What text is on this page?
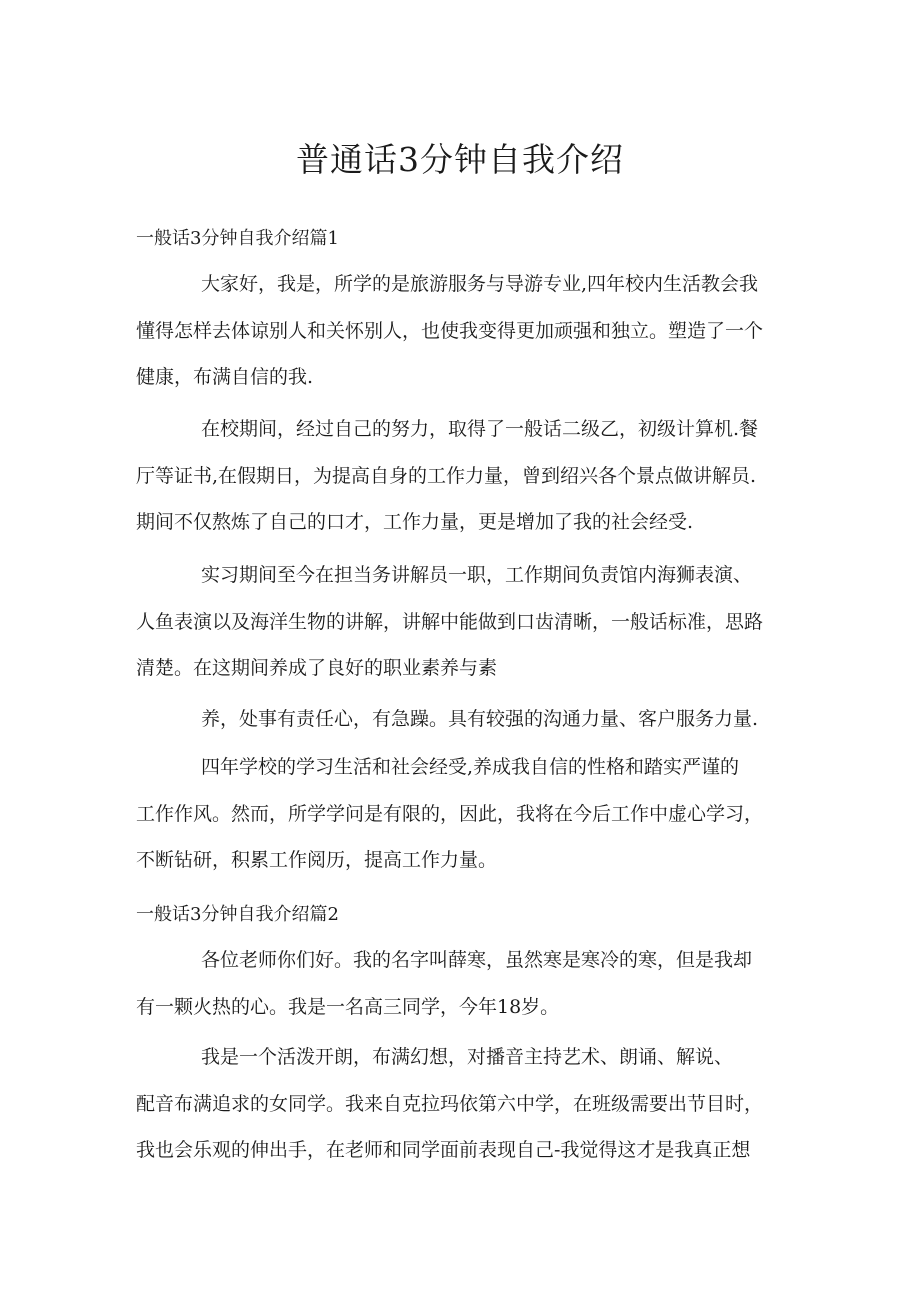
普通话3分钟自我介绍
一般话3分钟自我介绍篇1
大家好，我是，所学的是旅游服务与导游专业,四年校内生活教会我
懂得怎样去体谅别人和关怀别人，也使我变得更加顽强和独立。塑造了一个
健康，布满自信的我.
在校期间，经过自己的努力，取得了一般话二级乙，初级计算机.餐
厅等证书,在假期日，为提高自身的工作力量，曾到绍兴各个景点做讲解员.
期间不仅熬炼了自己的口才，工作力量，更是增加了我的社会经受.
实习期间至今在担当务讲解员一职，工作期间负责馆内海狮表演、
人鱼表演以及海洋生物的讲解，讲解中能做到口齿清晰，一般话标准，思路
清楚。在这期间养成了良好的职业素养与素
养，处事有责任心，有急躁。具有较强的沟通力量、客户服务力量.
四年学校的学习生活和社会经受,养成我自信的性格和踏实严谨的
工作作风。然而，所学学问是有限的，因此，我将在今后工作中虚心学习，
不断钻研，积累工作阅历，提高工作力量。
一般话3分钟自我介绍篇2
各位老师你们好。我的名字叫薛寒，虽然寒是寒冷的寒，但是我却
有一颗火热的心。我是一名高三同学，今年18岁。
我是一个活泼开朗，布满幻想，对播音主持艺术、朗诵、解说、
配音布满追求的女同学。我来自克拉玛依第六中学，在班级需要出节目时，
我也会乐观的伸出手，在老师和同学面前表现自己-我觉得这才是我真正想
